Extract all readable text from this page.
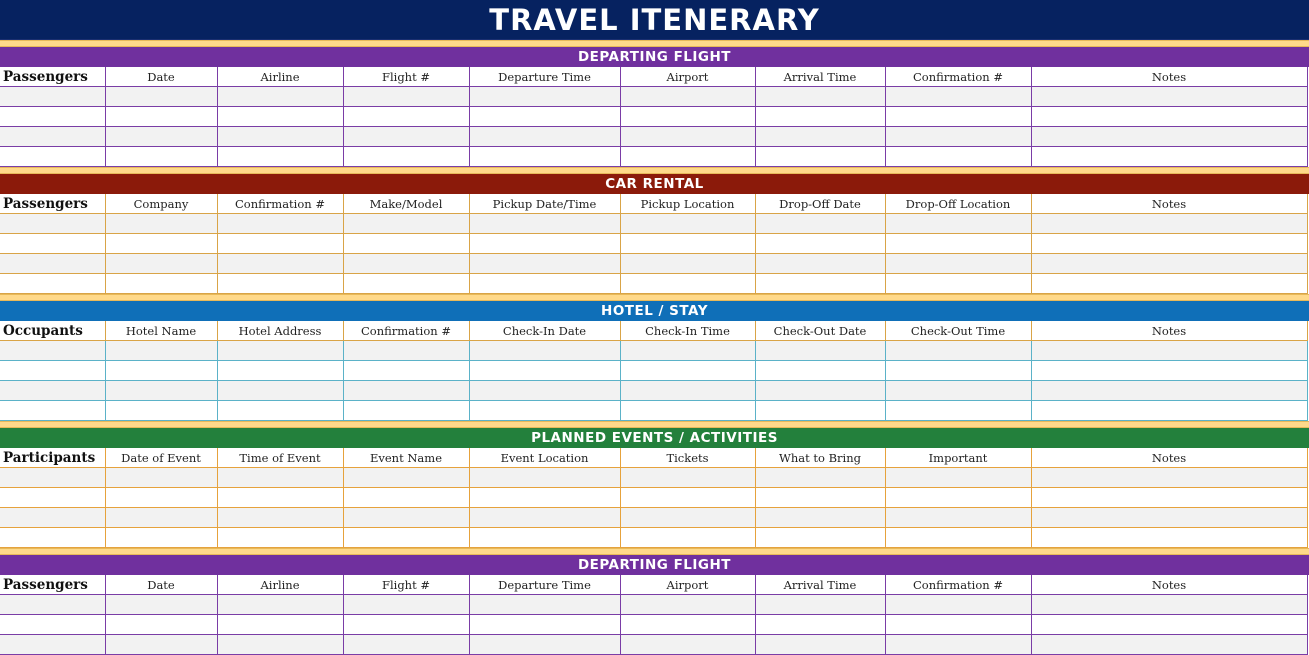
TRAVEL ITENERARY
DEPARTING FLIGHT
Passengers	Date	Airline	Flight #	Departure Time	Airport	Arrival Time	Confirmation #	Notes

CAR RENTAL
Passengers	Company	Confirmation #	Make/Model	Pickup Date/Time	Pickup Location	Drop-Off Date	Drop-Off Location	Notes

HOTEL / STAY
Occupants	Hotel Name	Hotel Address	Confirmation #	Check-In Date	Check-In Time	Check-Out Date	Check-Out Time	Notes

PLANNED EVENTS / ACTIVITIES
Participants	Date of Event	Time of Event	Event Name	Event Location	Tickets	What to Bring	Important	Notes

DEPARTING FLIGHT
Passengers	Date	Airline	Flight #	Departure Time	Airport	Arrival Time	Confirmation #	Notes
